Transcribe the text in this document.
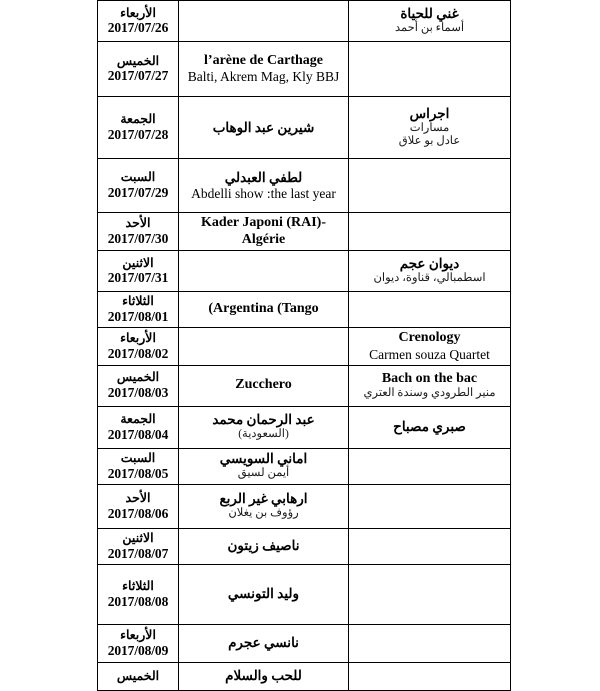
غني للحياة
أسماء بن أحمد		الأربعاء
2017/07/26

	l’arène de Carthage
Balti, Akrem Mag, Kly BBJ	الخميس
2017/07/27

اجراس
مسارات
عادل بو علاق	شيرين عبد الوهاب	الجمعة
2017/07/28

	لطفي العبدلي
Abdelli show :the last year	السبت
2017/07/29

	Kader Japoni (RAI)-Algérie	الأحد
2017/07/30

ديوان عجم
اسطمبالي، قناوة، ديوان		الاثنين
2017/07/31

	(Argentina (Tango	الثلاثاء
2017/08/01

Crenology
Carmen souza Quartet		الأربعاء
2017/08/02

Bach on the bac
منير الطرودي وسندة العتري	Zucchero	الخميس
2017/08/03

صبري مصباح	عبد الرحمان محمد
(السعودية)	الجمعة
2017/08/04

	اماني السويسي
أيمن لسيق	السبت
2017/08/05

	ارهابي غير الربع
رؤوف بن يغلان	الأحد
2017/08/06

	ناصيف زيتون	الاثنين
2017/08/07

	وليد التونسي	الثلاثاء
2017/08/08

	نانسي عجرم	الأربعاء
2017/08/09

	للحب والسلام	الخميس
